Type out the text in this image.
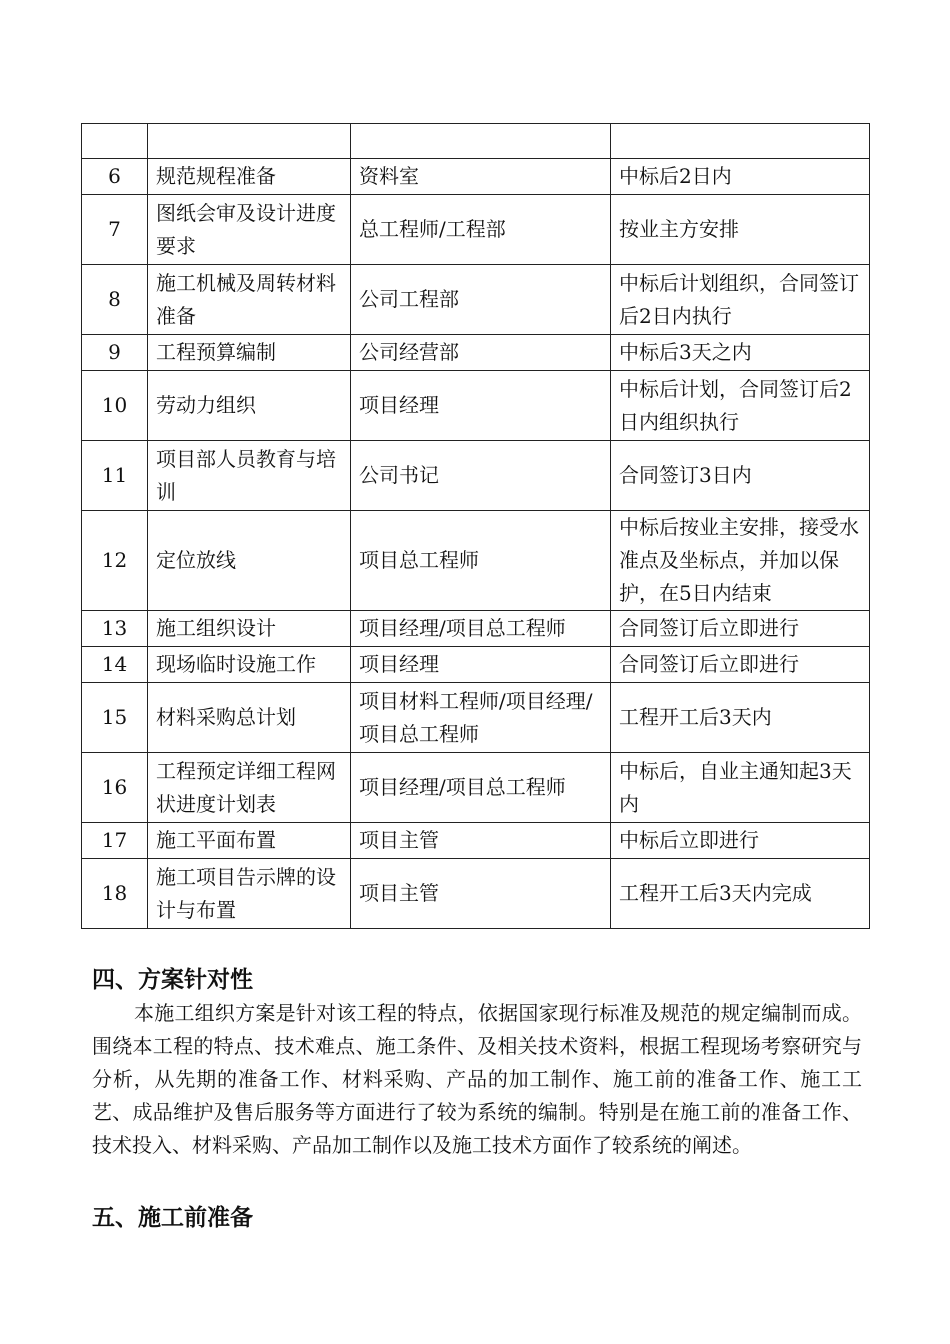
6	规范规程准备	资料室	中标后2日内
7	图纸会审及设计进度要求	总工程师/工程部	按业主方安排
8	施工机械及周转材料准备	公司工程部	中标后计划组织，合同签订后2日内执行
9	工程预算编制	公司经营部	中标后3天之内
10	劳动力组织	项目经理	中标后计划，合同签订后2日内组织执行
11	项目部人员教育与培训	公司书记	合同签订3日内
12	定位放线	项目总工程师	中标后按业主安排，接受水准点及坐标点，并加以保护，在5日内结束
13	施工组织设计	项目经理/项目总工程师	合同签订后立即进行
14	现场临时设施工作	项目经理	合同签订后立即进行
15	材料采购总计划	项目材料工程师/项目经理/项目总工程师	工程开工后3天内
16	工程预定详细工程网状进度计划表	项目经理/项目总工程师	中标后，自业主通知起3天内
17	施工平面布置	项目主管	中标后立即进行
18	施工项目告示牌的设计与布置	项目主管	工程开工后3天内完成
四、方案针对性

本施工组织方案是针对该工程的特点，依据国家现行标准及规范的规定编制而成。围绕本工程的特点、技术难点、施工条件、及相关技术资料，根据工程现场考察研究与分析，从先期的准备工作、材料采购、产品的加工制作、施工前的准备工作、施工工艺、成品维护及售后服务等方面进行了较为系统的编制。特别是在施工前的准备工作、技术投入、材料采购、产品加工制作以及施工技术方面作了较系统的阐述。

五、施工前准备
